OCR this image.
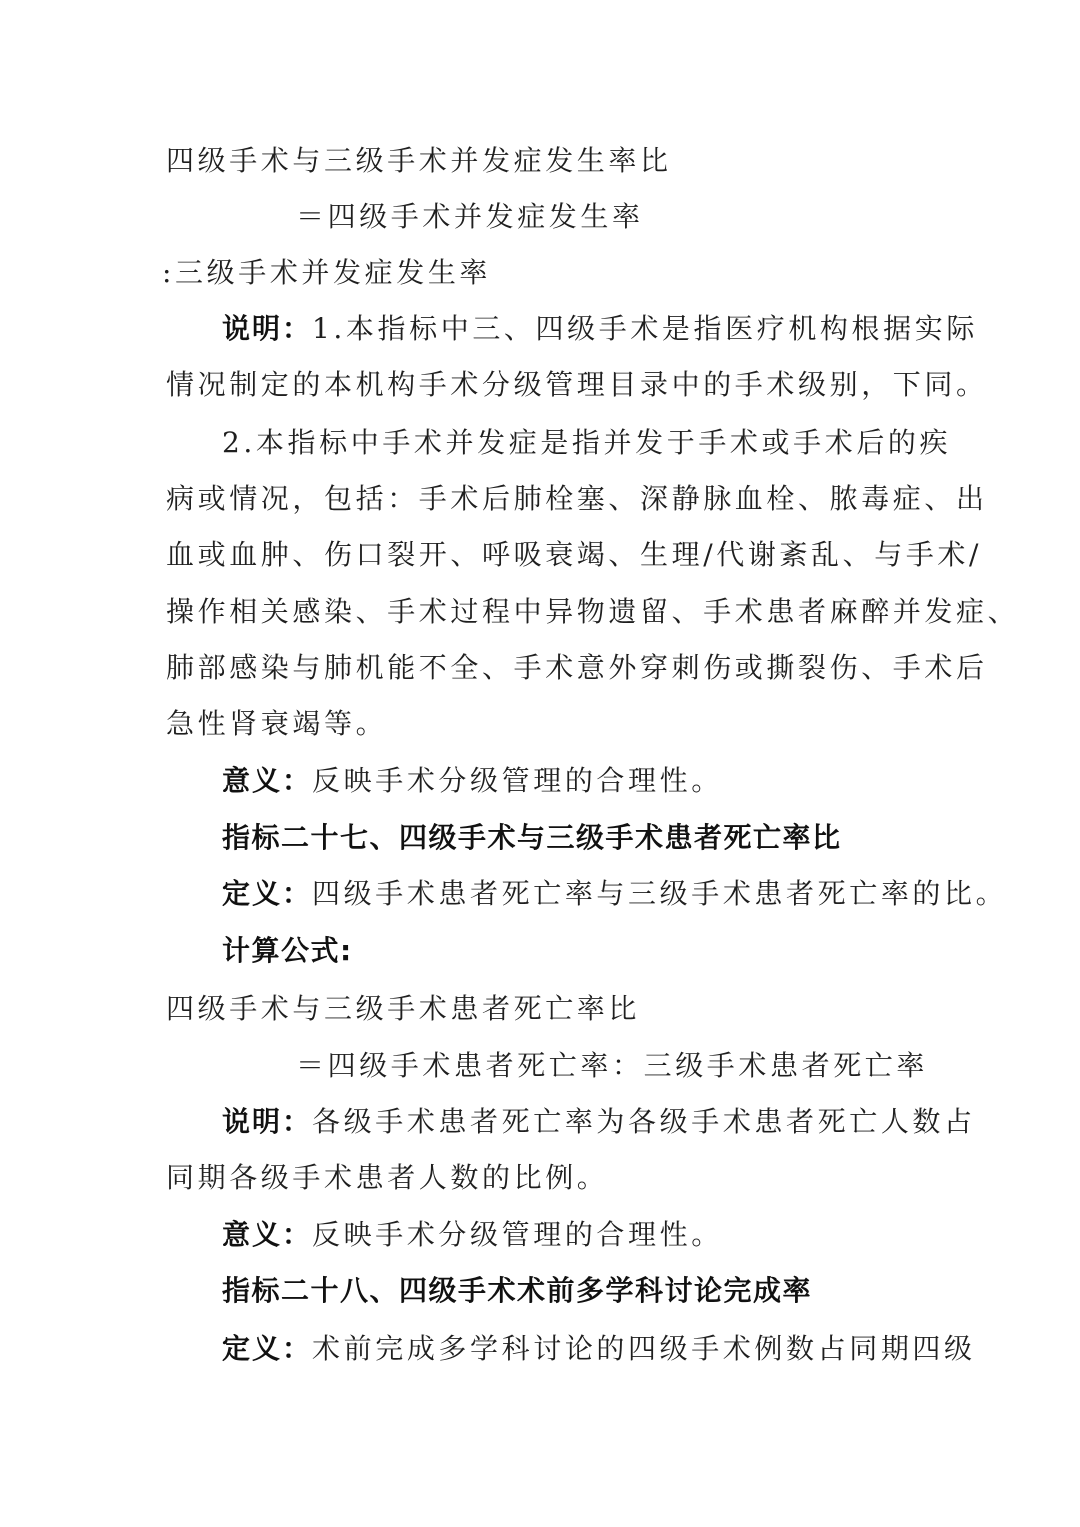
四级手术与三级手术并发症发生率比
＝四级手术并发症发生率
:三级手术并发症发生率
说明：1.本指标中三、四级手术是指医疗机构根据实际
情况制定的本机构手术分级管理目录中的手术级别，下同。
2.本指标中手术并发症是指并发于手术或手术后的疾
病或情况，包括：手术后肺栓塞、深静脉血栓、脓毒症、出
血或血肿、伤口裂开、呼吸衰竭、生理/代谢紊乱、与手术/
操作相关感染、手术过程中异物遗留、手术患者麻醉并发症、
肺部感染与肺机能不全、手术意外穿刺伤或撕裂伤、手术后
急性肾衰竭等。
意义：反映手术分级管理的合理性。
指标二十七、四级手术与三级手术患者死亡率比
定义：四级手术患者死亡率与三级手术患者死亡率的比。
计算公式:
四级手术与三级手术患者死亡率比
＝四级手术患者死亡率：三级手术患者死亡率
说明：各级手术患者死亡率为各级手术患者死亡人数占
同期各级手术患者人数的比例。
意义：反映手术分级管理的合理性。
指标二十八、四级手术术前多学科讨论完成率
定义：术前完成多学科讨论的四级手术例数占同期四级
